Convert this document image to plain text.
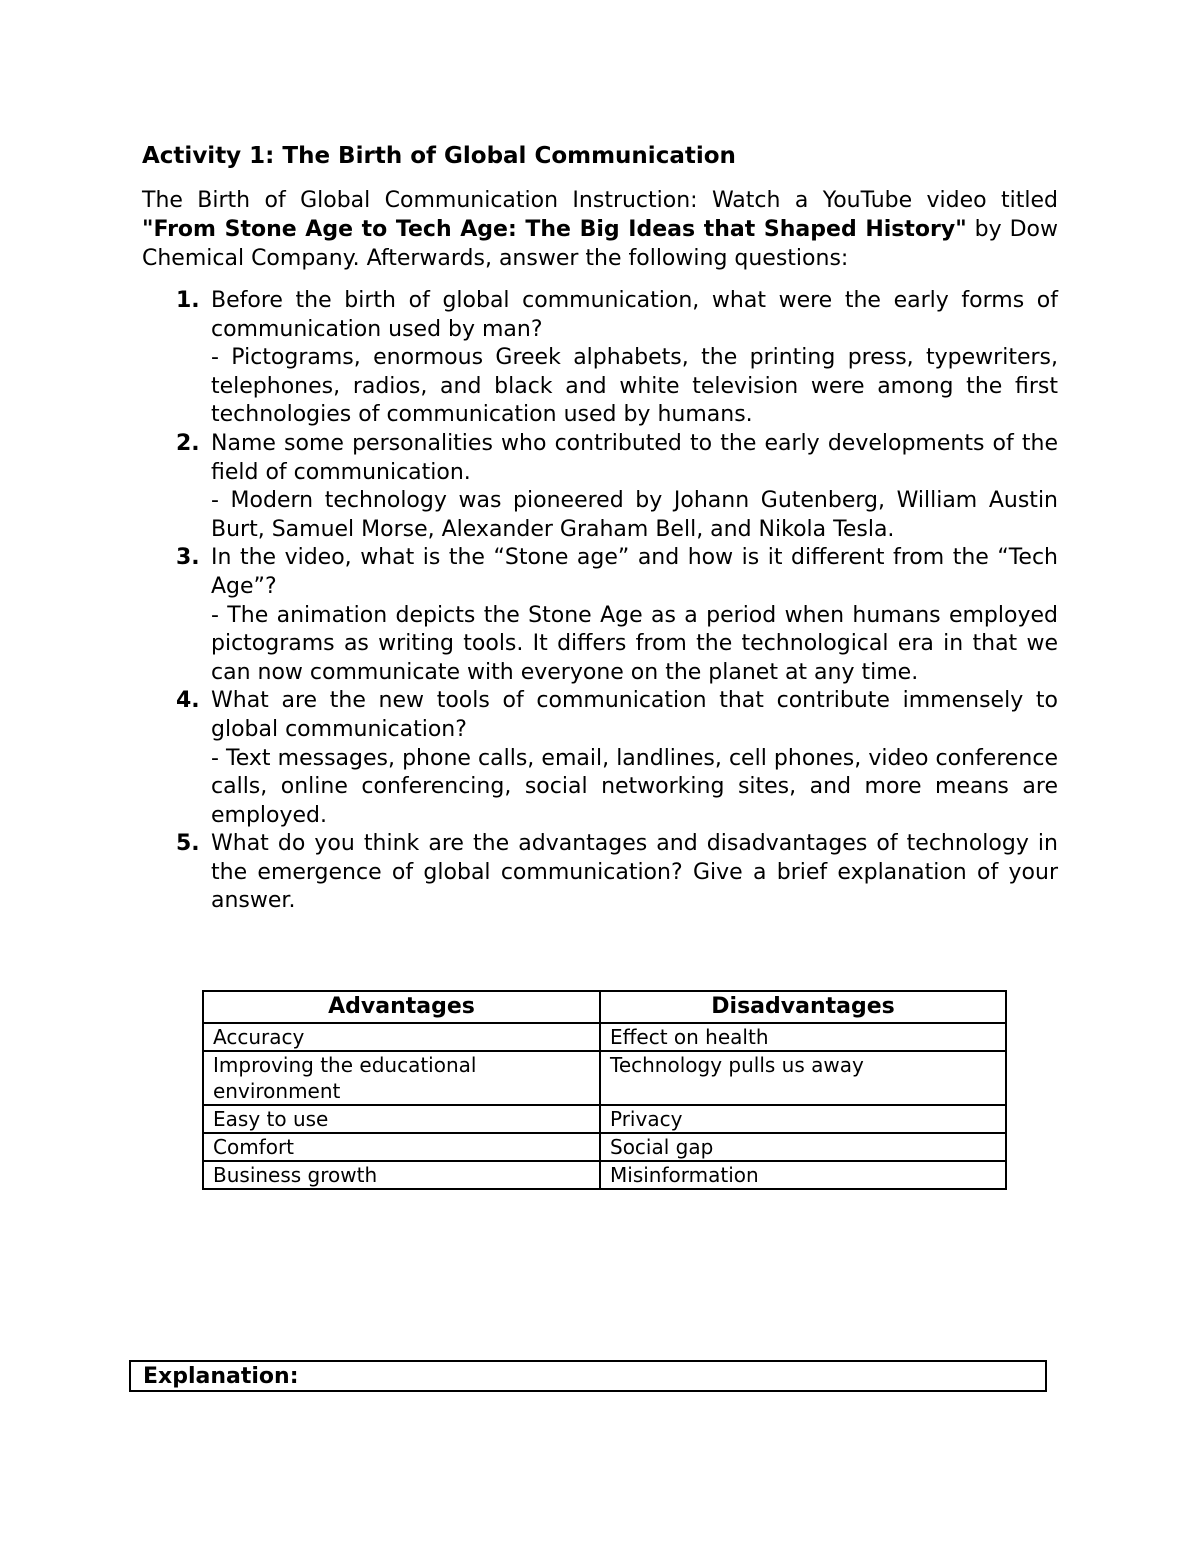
Activity 1: The Birth of Global Communication
The Birth of Global Communication Instruction: Watch a YouTube video titled "From Stone Age to Tech Age: The Big Ideas that Shaped History" by Dow Chemical Company. Afterwards, answer the following questions:
1. Before the birth of global communication, what were the early forms of communication used by man?
- Pictograms, enormous Greek alphabets, the printing press, typewriters, telephones, radios, and black and white television were among the first technologies of communication used by humans.
2. Name some personalities who contributed to the early developments of the field of communication.
- Modern technology was pioneered by Johann Gutenberg, William Austin Burt, Samuel Morse, Alexander Graham Bell, and Nikola Tesla.
3. In the video, what is the “Stone age” and how is it different from the “Tech Age”?
- The animation depicts the Stone Age as a period when humans employed pictograms as writing tools. It differs from the technological era in that we can now communicate with everyone on the planet at any time.
4. What are the new tools of communication that contribute immensely to global communication?
- Text messages, phone calls, email, landlines, cell phones, video conference calls, online conferencing, social networking sites, and more means are employed.
5. What do you think are the advantages and disadvantages of technology in the emergence of global communication? Give a brief explanation of your answer.
Advantages	Disadvantages
Accuracy	Effect on health
Improving the educational environment	Technology pulls us away
Easy to use	Privacy
Comfort	Social gap
Business growth	Misinformation
Explanation:
